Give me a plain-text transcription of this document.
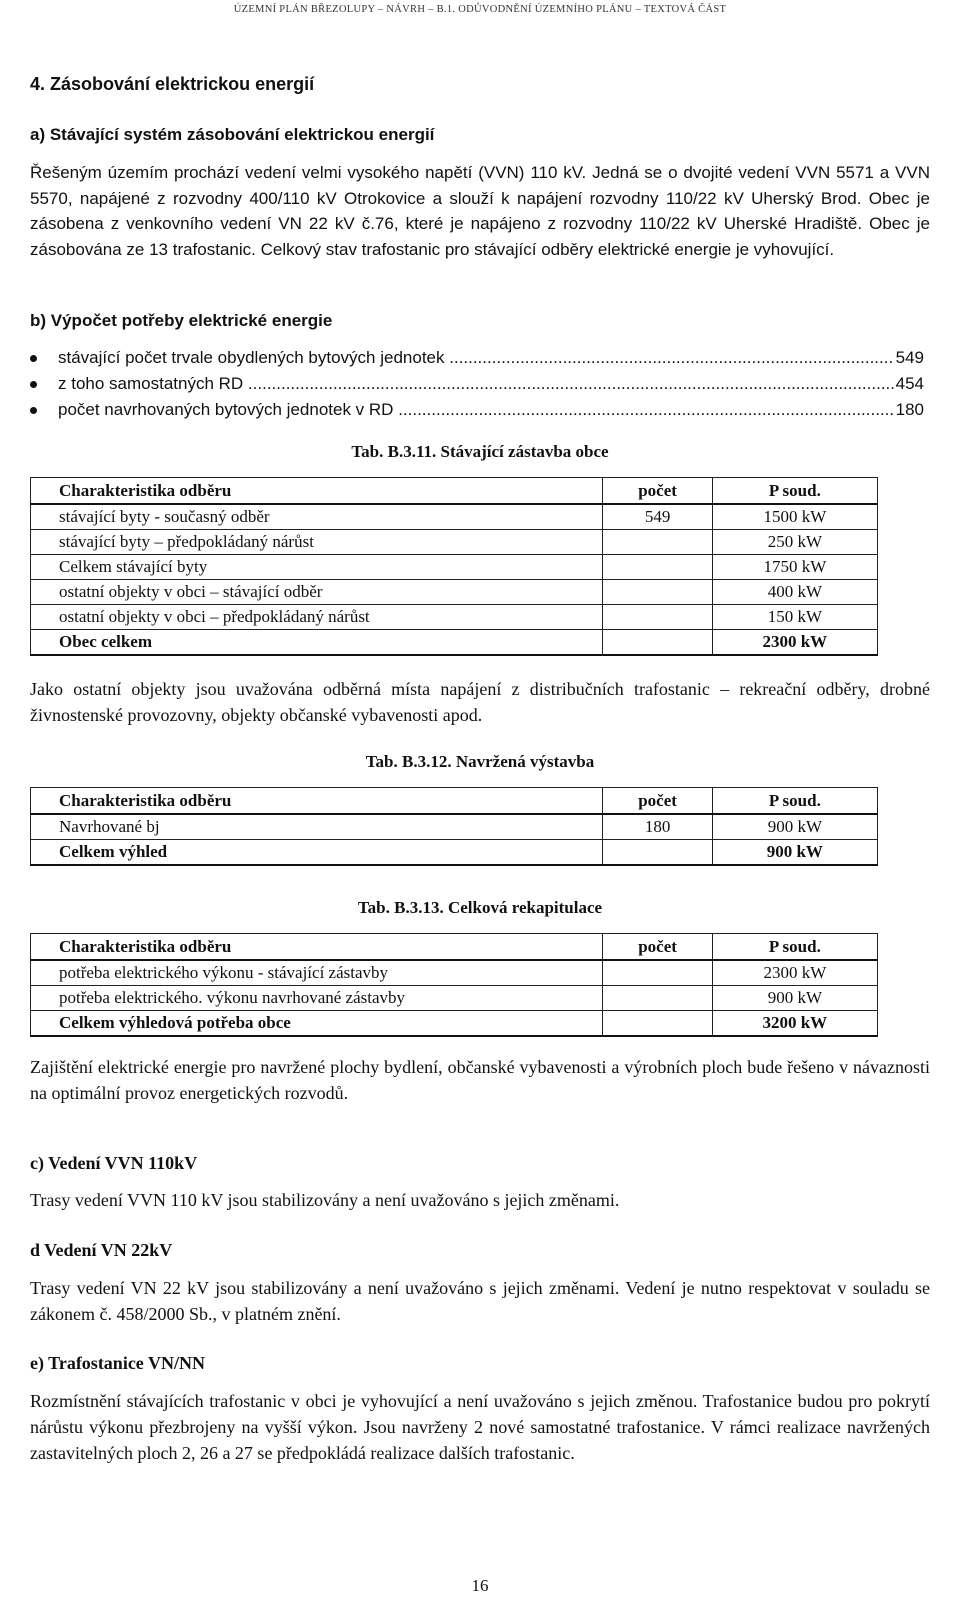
ÚZEMNÍ PLÁN BŘEZOLUPY – NÁVRH – B.1. ODŮVODNĚNÍ ÚZEMNÍHO PLÁNU – TEXTOVÁ ČÁST
4. Zásobování elektrickou energií
a) Stávající systém zásobování elektrickou energií
Řešeným územím prochází vedení velmi vysokého napětí (VVN) 110 kV. Jedná se o dvojité vedení VVN 5571 a VVN 5570, napájené z rozvodny 400/110 kV Otrokovice a slouží k napájení rozvodny 110/22 kV Uherský Brod. Obec je zásobena z venkovního vedení VN 22 kV č.76, které je napájeno z rozvodny 110/22 kV Uherské Hradiště. Obec je zásobována ze 13 trafostanic. Celkový stav trafostanic pro stávající odběry elektrické energie je vyhovující.
b) Výpočet potřeby elektrické energie
stávající počet trvale obydlených bytových jednotek .....	549
z toho samostatných RD .....	454
počet navrhovaných bytových jednotek v RD .....	180
Tab. B.3.11. Stávající zástavba obce
Charakteristika odběru	počet	P soud.
stávající byty - současný odběr	549	1500 kW
stávající byty – předpokládaný nárůst		250 kW
Celkem stávající byty		1750 kW
ostatní objekty v obci – stávající odběr		400 kW
ostatní objekty v obci – předpokládaný nárůst		150 kW
Obec celkem		2300 kW
Jako ostatní objekty jsou uvažována odběrná místa napájení z distribučních trafostanic – rekreační odběry, drobné živnostenské provozovny, objekty občanské vybavenosti apod.
Tab. B.3.12. Navržená výstavba
Charakteristika odběru	počet	P soud.
Navrhované bj	180	900 kW
Celkem výhled		900 kW
Tab. B.3.13. Celková rekapitulace
Charakteristika odběru	počet	P soud.
potřeba elektrického výkonu - stávající zástavby		2300 kW
potřeba elektrického. výkonu navrhované zástavby		900 kW
Celkem výhledová potřeba obce		3200 kW
Zajištění elektrické energie pro navržené plochy bydlení, občanské vybavenosti a výrobních ploch bude řešeno v návaznosti na optimální provoz energetických rozvodů.
c) Vedení VVN 110kV
Trasy vedení VVN 110 kV jsou stabilizovány a není uvažováno s jejich změnami.
d Vedení VN 22kV
Trasy vedení VN 22 kV jsou stabilizovány a není uvažováno s jejich změnami. Vedení je nutno respektovat v souladu se zákonem č. 458/2000 Sb., v platném znění.
e) Trafostanice VN/NN
Rozmístnění stávajících trafostanic v obci je vyhovující a není uvažováno s jejich změnou. Trafostanice budou pro pokrytí nárůstu výkonu přezbrojeny na vyšší výkon. Jsou navrženy 2 nové samostatné trafostanice. V rámci realizace navržených zastavitelných ploch 2, 26 a 27 se předpokládá realizace dalších trafostanic.
16
